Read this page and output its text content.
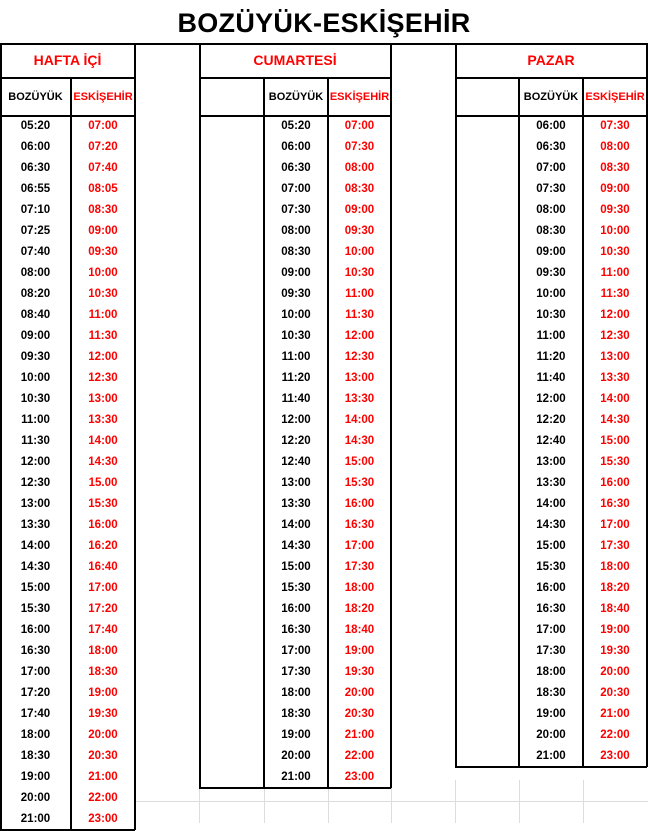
BOZÜYÜK-ESKİŞEHİR
HAFTA İÇİ
BOZÜYÜK ESKİŞEHİR
05:20	07:00
06:00	07:20
06:30	07:40
06:55	08:05
07:10	08:30
07:25	09:00
07:40	09:30
08:00	10:00
08:20	10:30
08:40	11:00
09:00	11:30
09:30	12:00
10:00	12:30
10:30	13:00
11:00	13:30
11:30	14:00
12:00	14:30
12:30	15.00
13:00	15:30
13:30	16:00
14:00	16:20
14:30	16:40
15:00	17:00
15:30	17:20
16:00	17:40
16:30	18:00
17:00	18:30
17:20	19:00
17:40	19:30
18:00	20:00
18:30	20:30
19:00	21:00
20:00	22:00
21:00	23:00
CUMARTESİ
BOZÜYÜK ESKİŞEHİR
05:20	07:00
06:00	07:30
06:30	08:00
07:00	08:30
07:30	09:00
08:00	09:30
08:30	10:00
09:00	10:30
09:30	11:00
10:00	11:30
10:30	12:00
11:00	12:30
11:20	13:00
11:40	13:30
12:00	14:00
12:20	14:30
12:40	15:00
13:00	15:30
13:30	16:00
14:00	16:30
14:30	17:00
15:00	17:30
15:30	18:00
16:00	18:20
16:30	18:40
17:00	19:00
17:30	19:30
18:00	20:00
18:30	20:30
19:00	21:00
20:00	22:00
21:00	23:00
PAZAR
BOZÜYÜK ESKİŞEHİR
06:00	07:30
06:30	08:00
07:00	08:30
07:30	09:00
08:00	09:30
08:30	10:00
09:00	10:30
09:30	11:00
10:00	11:30
10:30	12:00
11:00	12:30
11:20	13:00
11:40	13:30
12:00	14:00
12:20	14:30
12:40	15:00
13:00	15:30
13:30	16:00
14:00	16:30
14:30	17:00
15:00	17:30
15:30	18:00
16:00	18:20
16:30	18:40
17:00	19:00
17:30	19:30
18:00	20:00
18:30	20:30
19:00	21:00
20:00	22:00
21:00	23:00
